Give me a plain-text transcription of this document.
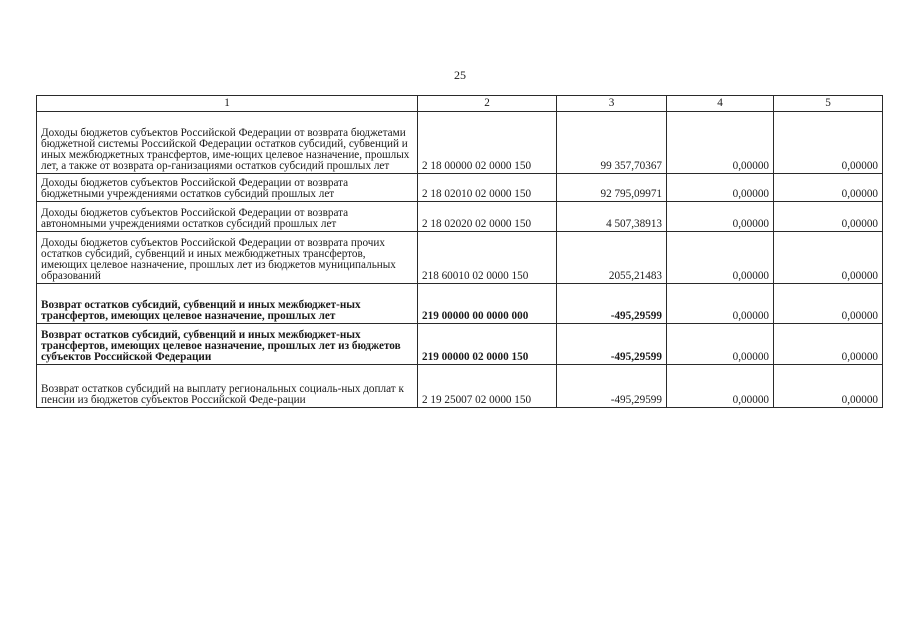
25
1	2	3	4	5
Доходы бюджетов субъектов Российской Федерации от возврата бюджетами бюджетной системы Российской Федерации остатков субсидий, субвенций и иных межбюджетных трансфертов, име-ющих целевое назначение, прошлых лет, а также от возврата ор-ганизациями остатков субсидий прошлых лет	2 18 00000 02 0000 150	99 357,70367	0,00000	0,00000
Доходы бюджетов субъектов Российской Федерации от возврата бюджетными учреждениями остатков субсидий прошлых лет	2 18 02010 02 0000 150	92 795,09971	0,00000	0,00000
Доходы бюджетов субъектов Российской Федерации от возврата автономными учреждениями остатков субсидий прошлых лет	2 18 02020 02 0000 150	4 507,38913	0,00000	0,00000
Доходы бюджетов субъектов Российской Федерации от возврата прочих остатков субсидий, субвенций и иных межбюджетных трансфертов, имеющих целевое назначение, прошлых лет из бюджетов муниципальных образований	218 60010 02 0000 150	2055,21483	0,00000	0,00000
Возврат остатков субсидий, субвенций и иных межбюджет-ных трансфертов, имеющих целевое назначение, прошлых лет	219 00000 00 0000 000	-495,29599	0,00000	0,00000
Возврат остатков субсидий, субвенций и иных межбюджет-ных трансфертов, имеющих целевое назначение, прошлых лет из бюджетов субъектов Российской Федерации	219 00000 02 0000 150	-495,29599	0,00000	0,00000
Возврат остатков субсидий на выплату региональных социаль-ных доплат к пенсии из бюджетов субъектов Российской Феде-рации	2 19 25007 02 0000 150	-495,29599	0,00000	0,00000
